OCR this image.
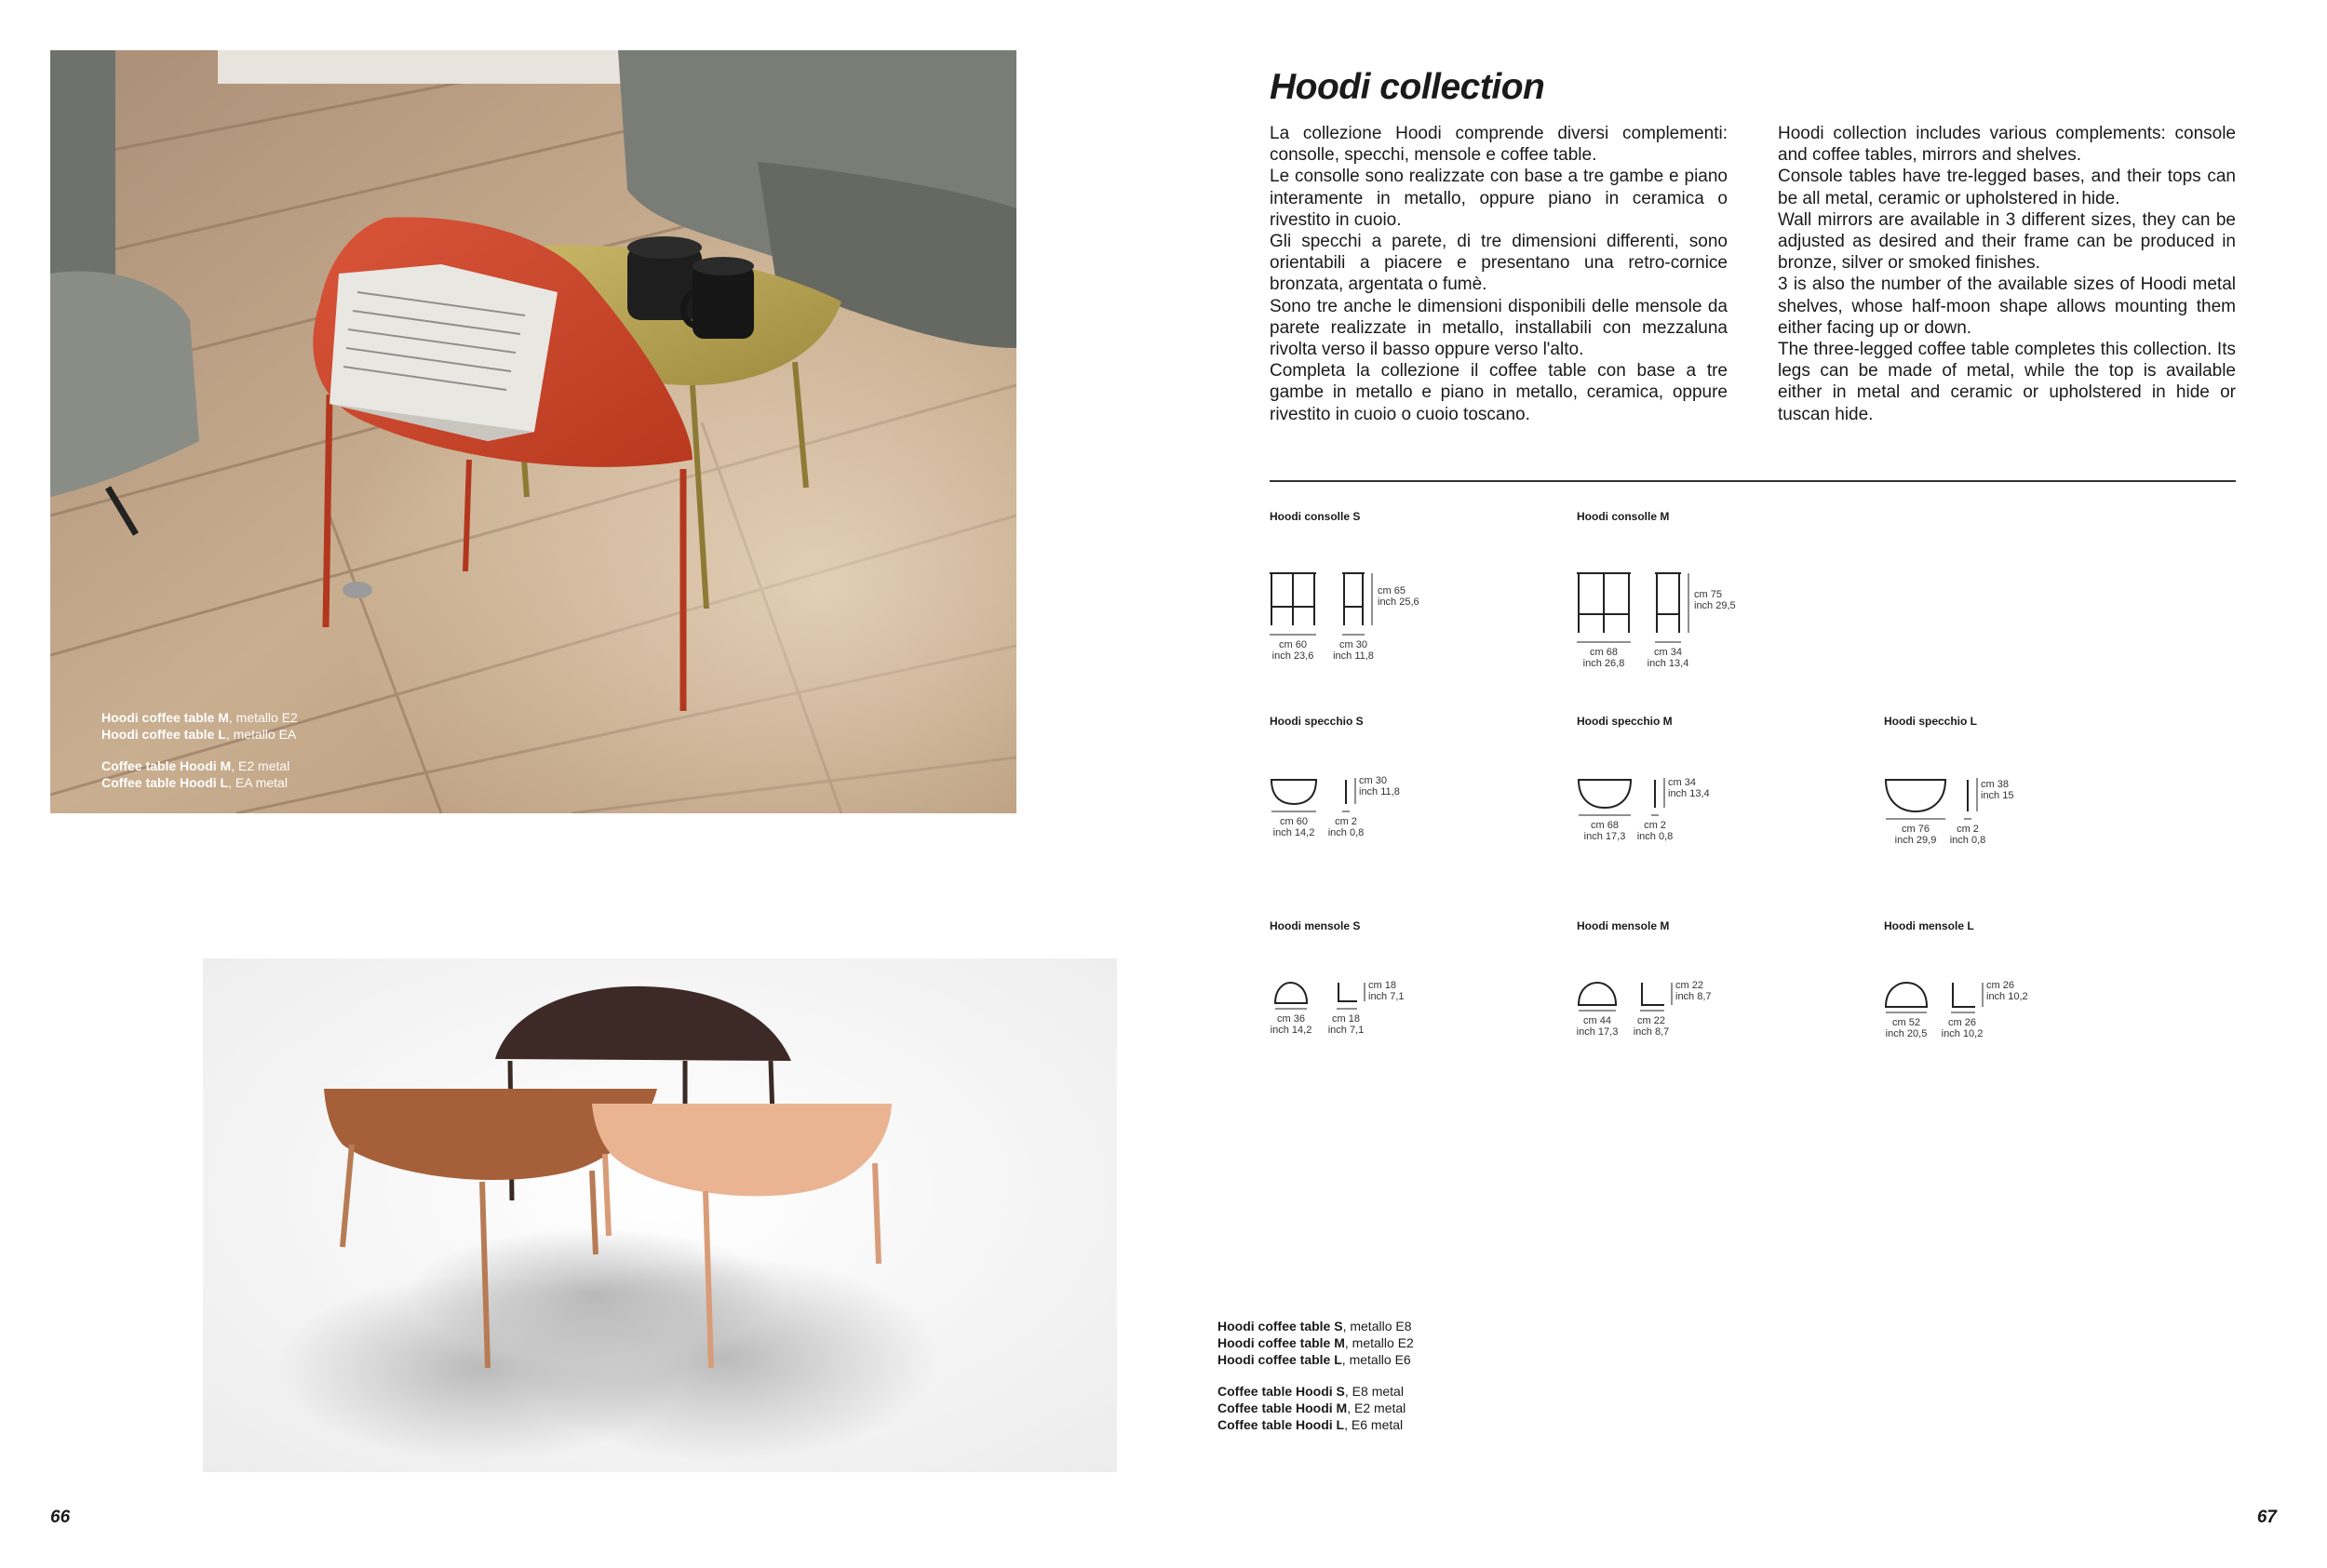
Hoodi coffee table M, metallo E2
Hoodi coffee table L, metallo EA
Coffee table Hoodi M, E2 metal
Coffee table Hoodi L, EA metal
Hoodi coffee table S, metallo E8
Hoodi coffee table M, metallo E2
Hoodi coffee table L, metallo E6
Coffee table Hoodi S, E8 metal
Coffee table Hoodi M, E2 metal
Coffee table Hoodi L, E6 metal
Hoodi collection

La collezione Hoodi comprende diversi complementi: consolle, specchi, mensole e coffee table.

Le consolle sono realizzate con base a tre gambe e piano interamente in metallo, oppure piano in ceramica o rivestito in cuoio.

Gli specchi a parete, di tre dimensioni differenti, sono orientabili a piacere e presentano una retro-cornice bronzata, argentata o fumè.

Sono tre anche le dimensioni disponibili delle mensole da parete realizzate in metallo, installabili con mezzaluna rivolta verso il basso oppure verso l'alto.

Completa la collezione il coffee table con base a tre gambe in metallo e piano in metallo, ceramica, oppure rivestito in cuoio o cuoio toscano.

Hoodi collection includes various complements: console and coffee tables, mirrors and shelves.

Console tables have tre-legged bases, and their tops can be all metal, ceramic or upholstered in hide.

Wall mirrors are available in 3 different sizes, they can be adjusted as desired and their frame can be produced in bronze, silver or smoked finishes.

3 is also the number of the available sizes of Hoodi metal shelves, whose half-moon shape allows mounting them either facing up or down.

The three-legged coffee table completes this collection. Its legs can be made of metal, while the top is available either in metal and ceramic or upholstered in hide or tuscan hide.

Hoodi consolle S
cm 65
inch 25,6
cm 60
inch 23,6
cm 30
inch 11,8
Hoodi consolle M
cm 75
inch 29,5
cm 68
inch 26,8
cm 34
inch 13,4
Hoodi specchio S
cm 30
inch 11,8
cm 60
inch 14,2
cm 2
inch 0,8
Hoodi specchio M
cm 34
inch 13,4
cm 68
inch 17,3
cm 2
inch 0,8
Hoodi specchio L
cm 38
inch 15
cm 76
inch 29,9
cm 2
inch 0,8
Hoodi mensole S
cm 18
inch 7,1
cm 36
inch 14,2
cm 18
inch 7,1
Hoodi mensole M
cm 22
inch 8,7
cm 44
inch 17,3
cm 22
inch 8,7
Hoodi mensole L
cm 26
inch 10,2
cm 52
inch 20,5
cm 26
inch 10,2
66	67
